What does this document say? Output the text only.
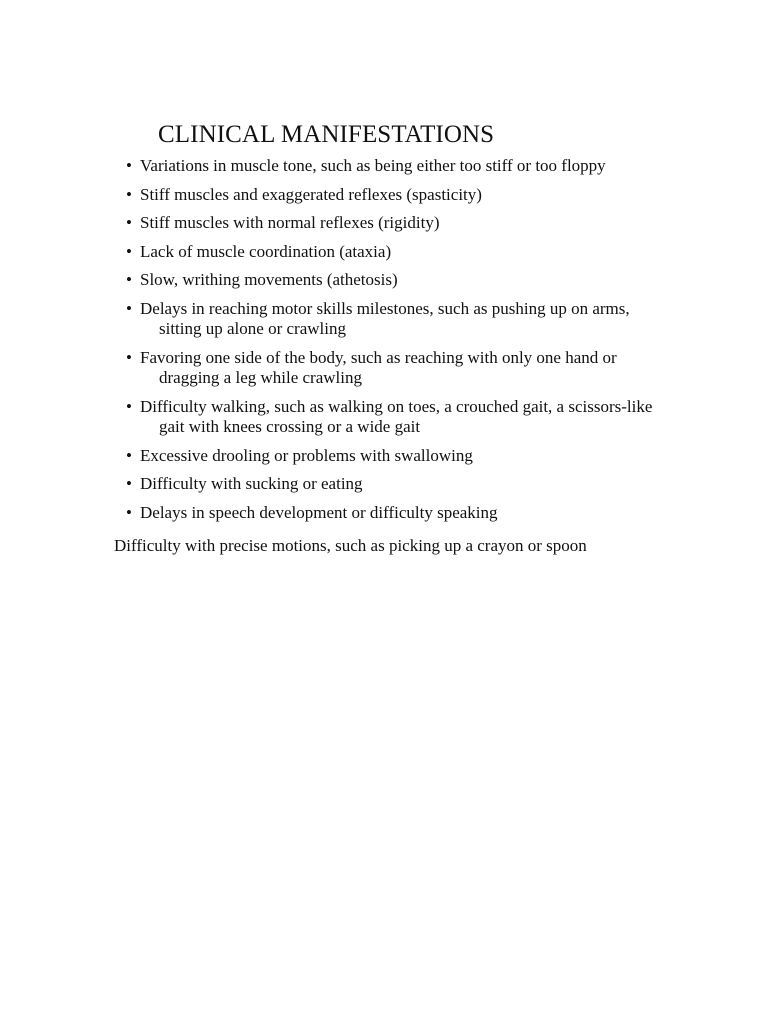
CLINICAL MANIFESTATIONS
• Variations in muscle tone, such as being either too stiff or too floppy
• Stiff muscles and exaggerated reflexes (spasticity)
• Stiff muscles with normal reflexes (rigidity)
• Lack of muscle coordination (ataxia)
• Slow, writhing movements (athetosis)
• Delays in reaching motor skills milestones, such as pushing up on arms, sitting up alone or crawling
• Favoring one side of the body, such as reaching with only one hand or dragging a leg while crawling
• Difficulty walking, such as walking on toes, a crouched gait, a scissors-like gait with knees crossing or a wide gait
• Excessive drooling or problems with swallowing
• Difficulty with sucking or eating
• Delays in speech development or difficulty speaking

Difficulty with precise motions, such as picking up a crayon or spoon
